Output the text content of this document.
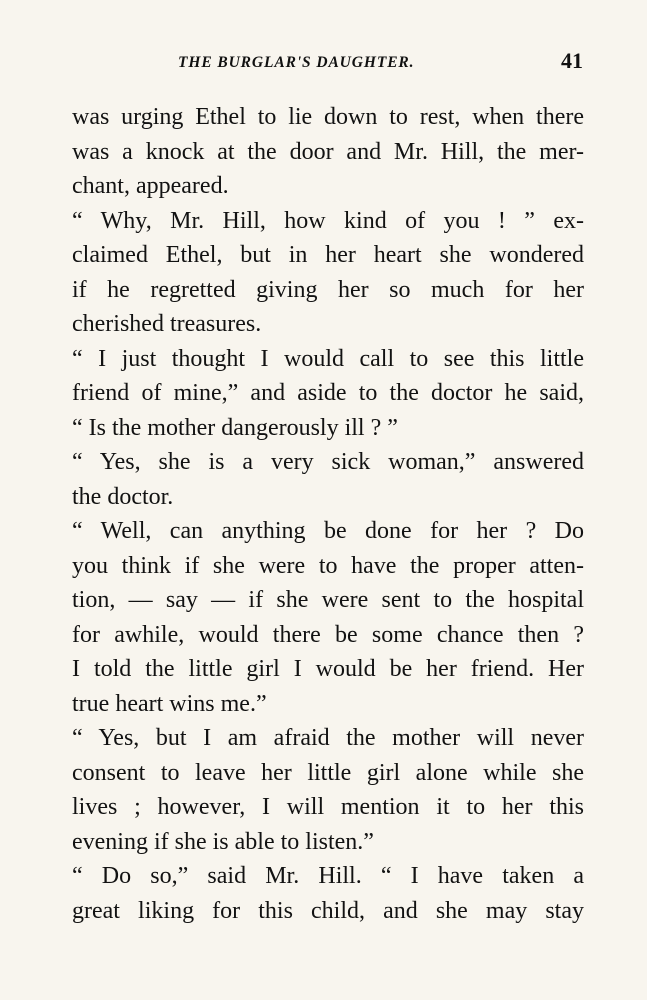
THE BURGLAR'S DAUGHTER.	41
was urging Ethel to lie down to rest, when there
was a knock at the door and Mr. Hill, the mer-
chant, appeared.
“ Why, Mr. Hill, how kind of you ! ” ex-
claimed Ethel, but in her heart she wondered
if he regretted giving her so much for her
cherished treasures.
“ I just thought I would call to see this little
friend of mine,” and aside to the doctor he said,
“ Is the mother dangerously ill ? ”
“ Yes, she is a very sick woman,” answered
the doctor.
“ Well, can anything be done for her ? Do
you think if she were to have the proper atten-
tion, — say — if she were sent to the hospital
for awhile, would there be some chance then ?
I told the little girl I would be her friend. Her
true heart wins me.”
“ Yes, but I am afraid the mother will never
consent to leave her little girl alone while she
lives ; however, I will mention it to her this
evening if she is able to listen.”
“ Do so,” said Mr. Hill. “ I have taken a
great liking for this child, and she may stay
